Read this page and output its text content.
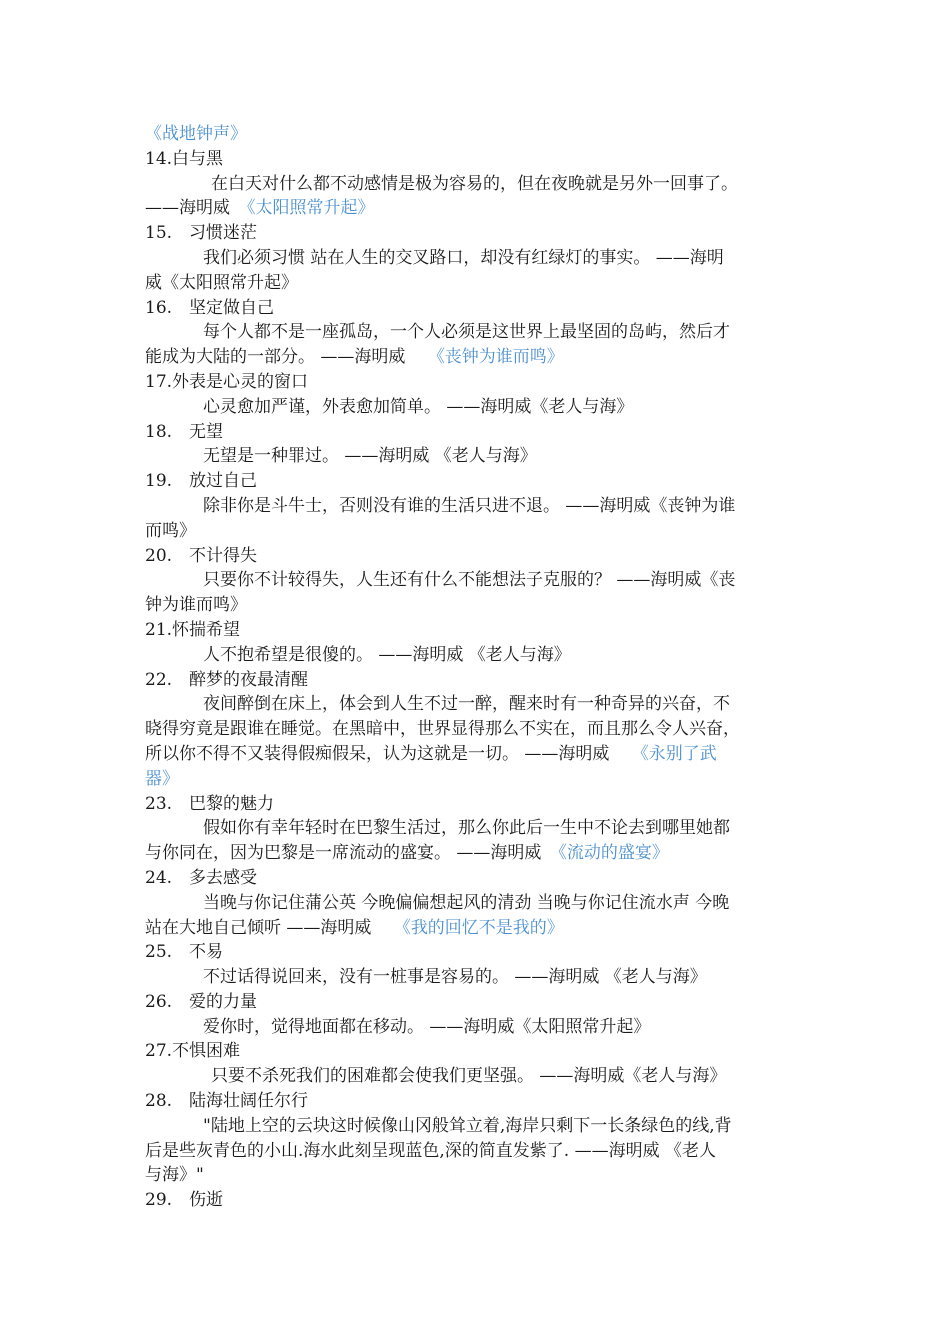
《战地钟声》
14.白与黑
在白天对什么都不动感情是极为容易的，但在夜晚就是另外一回事了。
——海明威　《太阳照常升起》
15.　习惯迷茫
我们必须习惯 站在人生的交叉路口，却没有红绿灯的事实。 ——海明
威《太阳照常升起》
16.　坚定做自己
每个人都不是一座孤岛，一个人必须是这世界上最坚固的岛屿，然后才
能成为大陆的一部分。 ——海明威　 《丧钟为谁而鸣》
17.外表是心灵的窗口
心灵愈加严谨，外表愈加简单。 ——海明威《老人与海》
18.　无望
无望是一种罪过。 ——海明威 《老人与海》
19.　放过自己
除非你是斗牛士，否则没有谁的生活只进不退。 ——海明威《丧钟为谁
而鸣》
20.　不计得失
只要你不计较得失，人生还有什么不能想法子克服的？ ——海明威《丧
钟为谁而鸣》
21.怀揣希望
人不抱希望是很傻的。 ——海明威 《老人与海》
22.　醉梦的夜最清醒
夜间醉倒在床上，体会到人生不过一醉，醒来时有一种奇异的兴奋，不
晓得穷竟是跟谁在睡觉。在黑暗中，世界显得那么不实在，而且那么令人兴奋，
所以你不得不又装得假痴假呆，认为这就是一切。 ——海明威　 《永别了武
器》
23.　巴黎的魅力
假如你有幸年轻时在巴黎生活过，那么你此后一生中不论去到哪里她都
与你同在，因为巴黎是一席流动的盛宴。 ——海明威　《流动的盛宴》
24.　多去感受
当晚与你记住蒲公英 今晚偏偏想起风的清劲 当晚与你记住流水声 今晚
站在大地自己倾听 ——海明威　 《我的回忆不是我的》
25.　不易
不过话得说回来，没有一桩事是容易的。 ——海明威 《老人与海》
26.　爱的力量
爱你时，觉得地面都在移动。 ——海明威《太阳照常升起》
27.不惧困难
只要不杀死我们的困难都会使我们更坚强。 ——海明威《老人与海》
28.　陆海壮阔任尔行
"陆地上空的云块这时候像山冈般耸立着,海岸只剩下一长条绿色的线,背
后是些灰青色的小山.海水此刻呈现蓝色,深的简直发紫了. ——海明威 《老人
与海》"
29.　伤逝
